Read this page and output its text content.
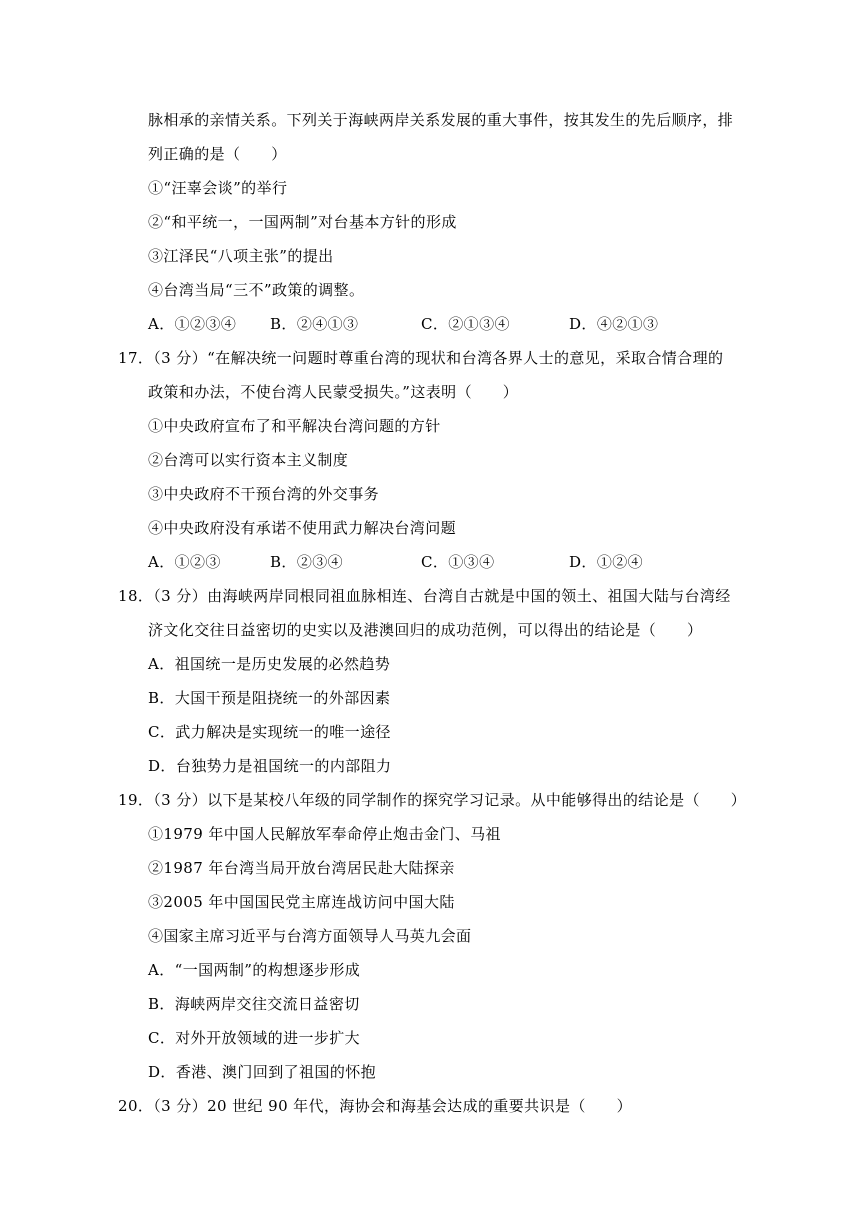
脉相承的亲情关系。下列关于海峡两岸关系发展的重大事件，按其发生的先后顺序，排
列正确的是（　　）
①“汪辜会谈”的举行
②“和平统一，一国两制”对台基本方针的形成
③江泽民“八项主张”的提出
④台湾当局“三不”政策的调整。
A．①②③④	B．②④①③	C．②①③④	D．④②①③
17．（3 分）“在解决统一问题时尊重台湾的现状和台湾各界人士的意见，采取合情合理的
政策和办法，不使台湾人民蒙受损失。”这表明（　　）
①中央政府宣布了和平解决台湾问题的方针
②台湾可以实行资本主义制度
③中央政府不干预台湾的外交事务
④中央政府没有承诺不使用武力解决台湾问题
A．①②③	B．②③④	C．①③④	D．①②④
18．（3 分）由海峡两岸同根同祖血脉相连、台湾自古就是中国的领土、祖国大陆与台湾经
济文化交往日益密切的史实以及港澳回归的成功范例，可以得出的结论是（　　）
A．祖国统一是历史发展的必然趋势
B．大国干预是阻挠统一的外部因素
C．武力解决是实现统一的唯一途径
D．台独势力是祖国统一的内部阻力
19．（3 分）以下是某校八年级的同学制作的探究学习记录。从中能够得出的结论是（　　）
①1979 年中国人民解放军奉命停止炮击金门、马祖
②1987 年台湾当局开放台湾居民赴大陆探亲
③2005 年中国国民党主席连战访问中国大陆
④国家主席习近平与台湾方面领导人马英九会面
A．“一国两制”的构想逐步形成
B．海峡两岸交往交流日益密切
C．对外开放领域的进一步扩大
D．香港、澳门回到了祖国的怀抱
20．（3 分）20 世纪 90 年代，海协会和海基会达成的重要共识是（　　）
